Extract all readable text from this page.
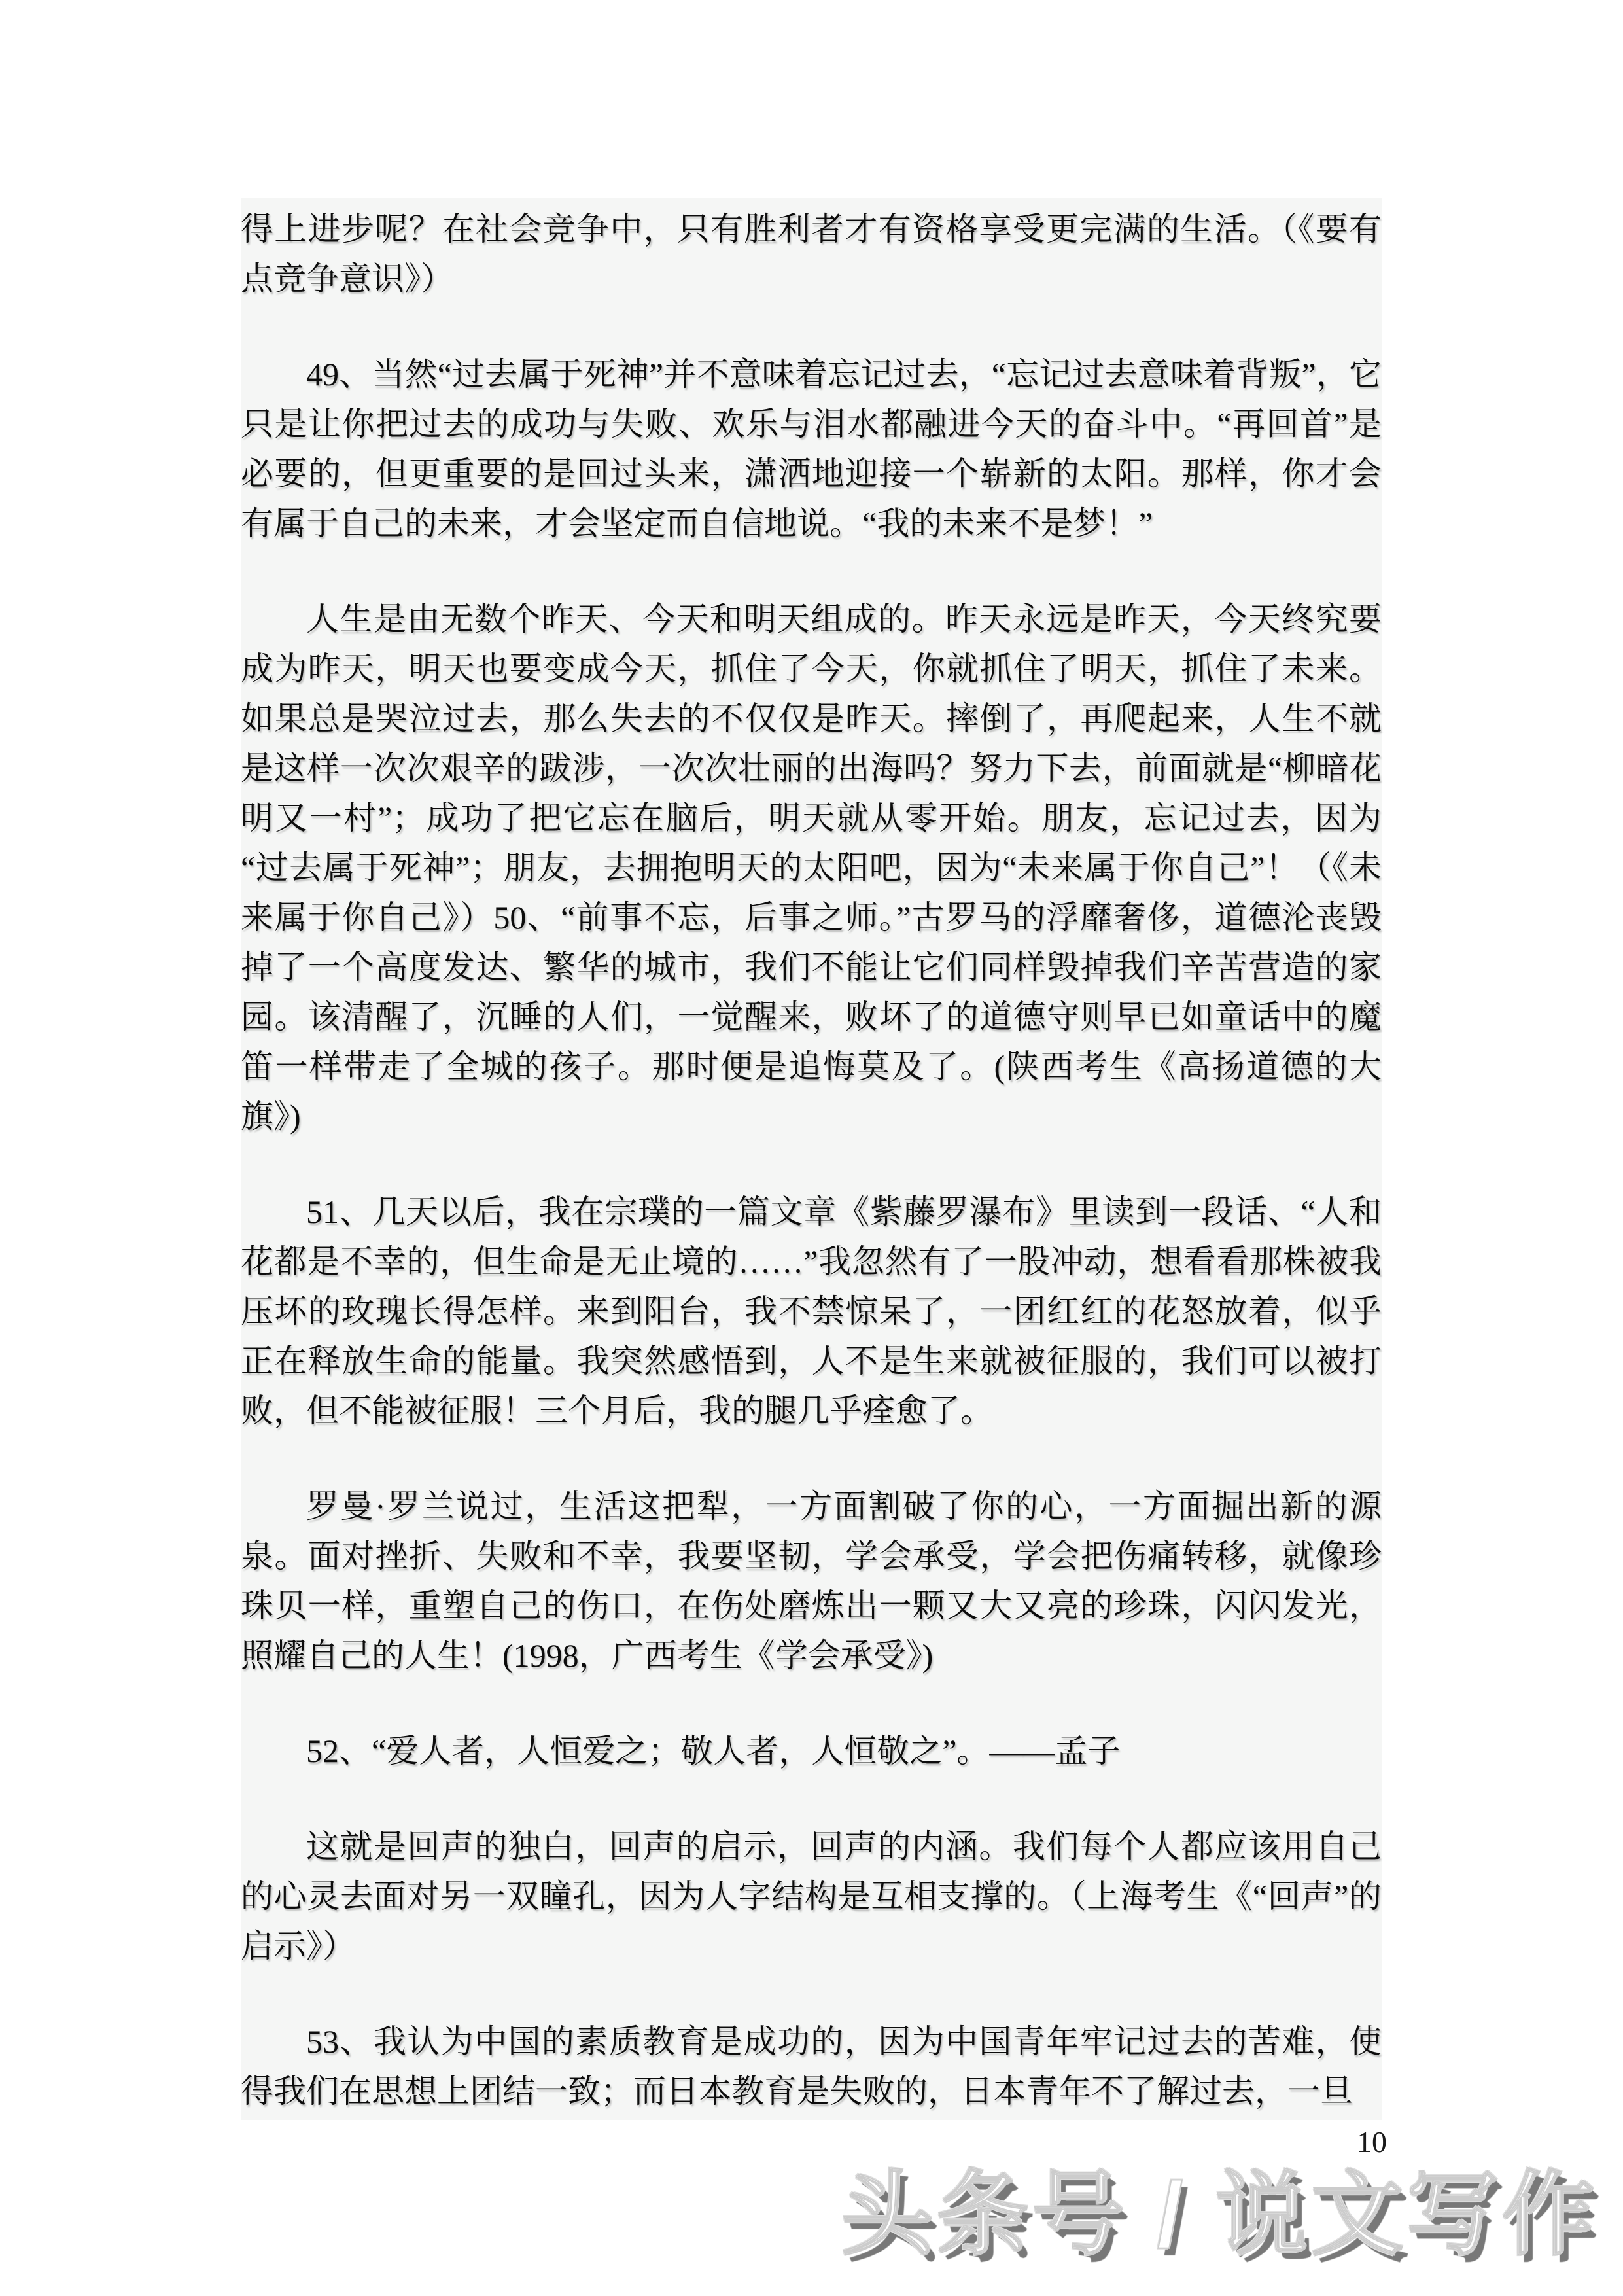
得上进步呢？在社会竞争中，只有胜利者才有资格享受更完满的生活。（《要有点竞争意识》）

49、当然“过去属于死神”并不意味着忘记过去，“忘记过去意味着背叛”，它只是让你把过去的成功与失败、欢乐与泪水都融进今天的奋斗中。“再回首”是必要的，但更重要的是回过头来，潇洒地迎接一个崭新的太阳。那样，你才会有属于自己的未来，才会坚定而自信地说。“我的未来不是梦！”

人生是由无数个昨天、今天和明天组成的。昨天永远是昨天，今天终究要成为昨天，明天也要变成今天，抓住了今天，你就抓住了明天，抓住了未来。如果总是哭泣过去，那么失去的不仅仅是昨天。摔倒了，再爬起来，人生不就是这样一次次艰辛的跋涉，一次次壮丽的出海吗？努力下去，前面就是“柳暗花明又一村”；成功了把它忘在脑后，明天就从零开始。朋友，忘记过去，因为“过去属于死神”；朋友，去拥抱明天的太阳吧，因为“未来属于你自己”！（《未来属于你自己》）50、“前事不忘，后事之师。”古罗马的浮靡奢侈，道德沦丧毁掉了一个高度发达、繁华的城市，我们不能让它们同样毁掉我们辛苦营造的家园。该清醒了，沉睡的人们，一觉醒来，败坏了的道德守则早已如童话中的魔笛一样带走了全城的孩子。那时便是追悔莫及了。(陕西考生《高扬道德的大旗》)

51、几天以后，我在宗璞的一篇文章《紫藤罗瀑布》里读到一段话、“人和花都是不幸的，但生命是无止境的……”我忽然有了一股冲动，想看看那株被我压坏的玫瑰长得怎样。来到阳台，我不禁惊呆了，一团红红的花怒放着，似乎正在释放生命的能量。我突然感悟到，人不是生来就被征服的，我们可以被打败，但不能被征服！三个月后，我的腿几乎痊愈了。

罗曼·罗兰说过，生活这把犁，一方面割破了你的心，一方面掘出新的源泉。面对挫折、失败和不幸，我要坚韧，学会承受，学会把伤痛转移，就像珍珠贝一样，重塑自己的伤口，在伤处磨炼出一颗又大又亮的珍珠，闪闪发光，照耀自己的人生！(1998，广西考生《学会承受》)

52、“爱人者，人恒爱之；敬人者，人恒敬之”。——孟子

这就是回声的独白，回声的启示，回声的内涵。我们每个人都应该用自己的心灵去面对另一双瞳孔，因为人字结构是互相支撑的。（上海考生《“回声”的启示》）

53、我认为中国的素质教育是成功的，因为中国青年牢记过去的苦难，使得我们在思想上团结一致；而日本教育是失败的，日本青年不了解过去，一旦

10
头条号 / 说文写作
